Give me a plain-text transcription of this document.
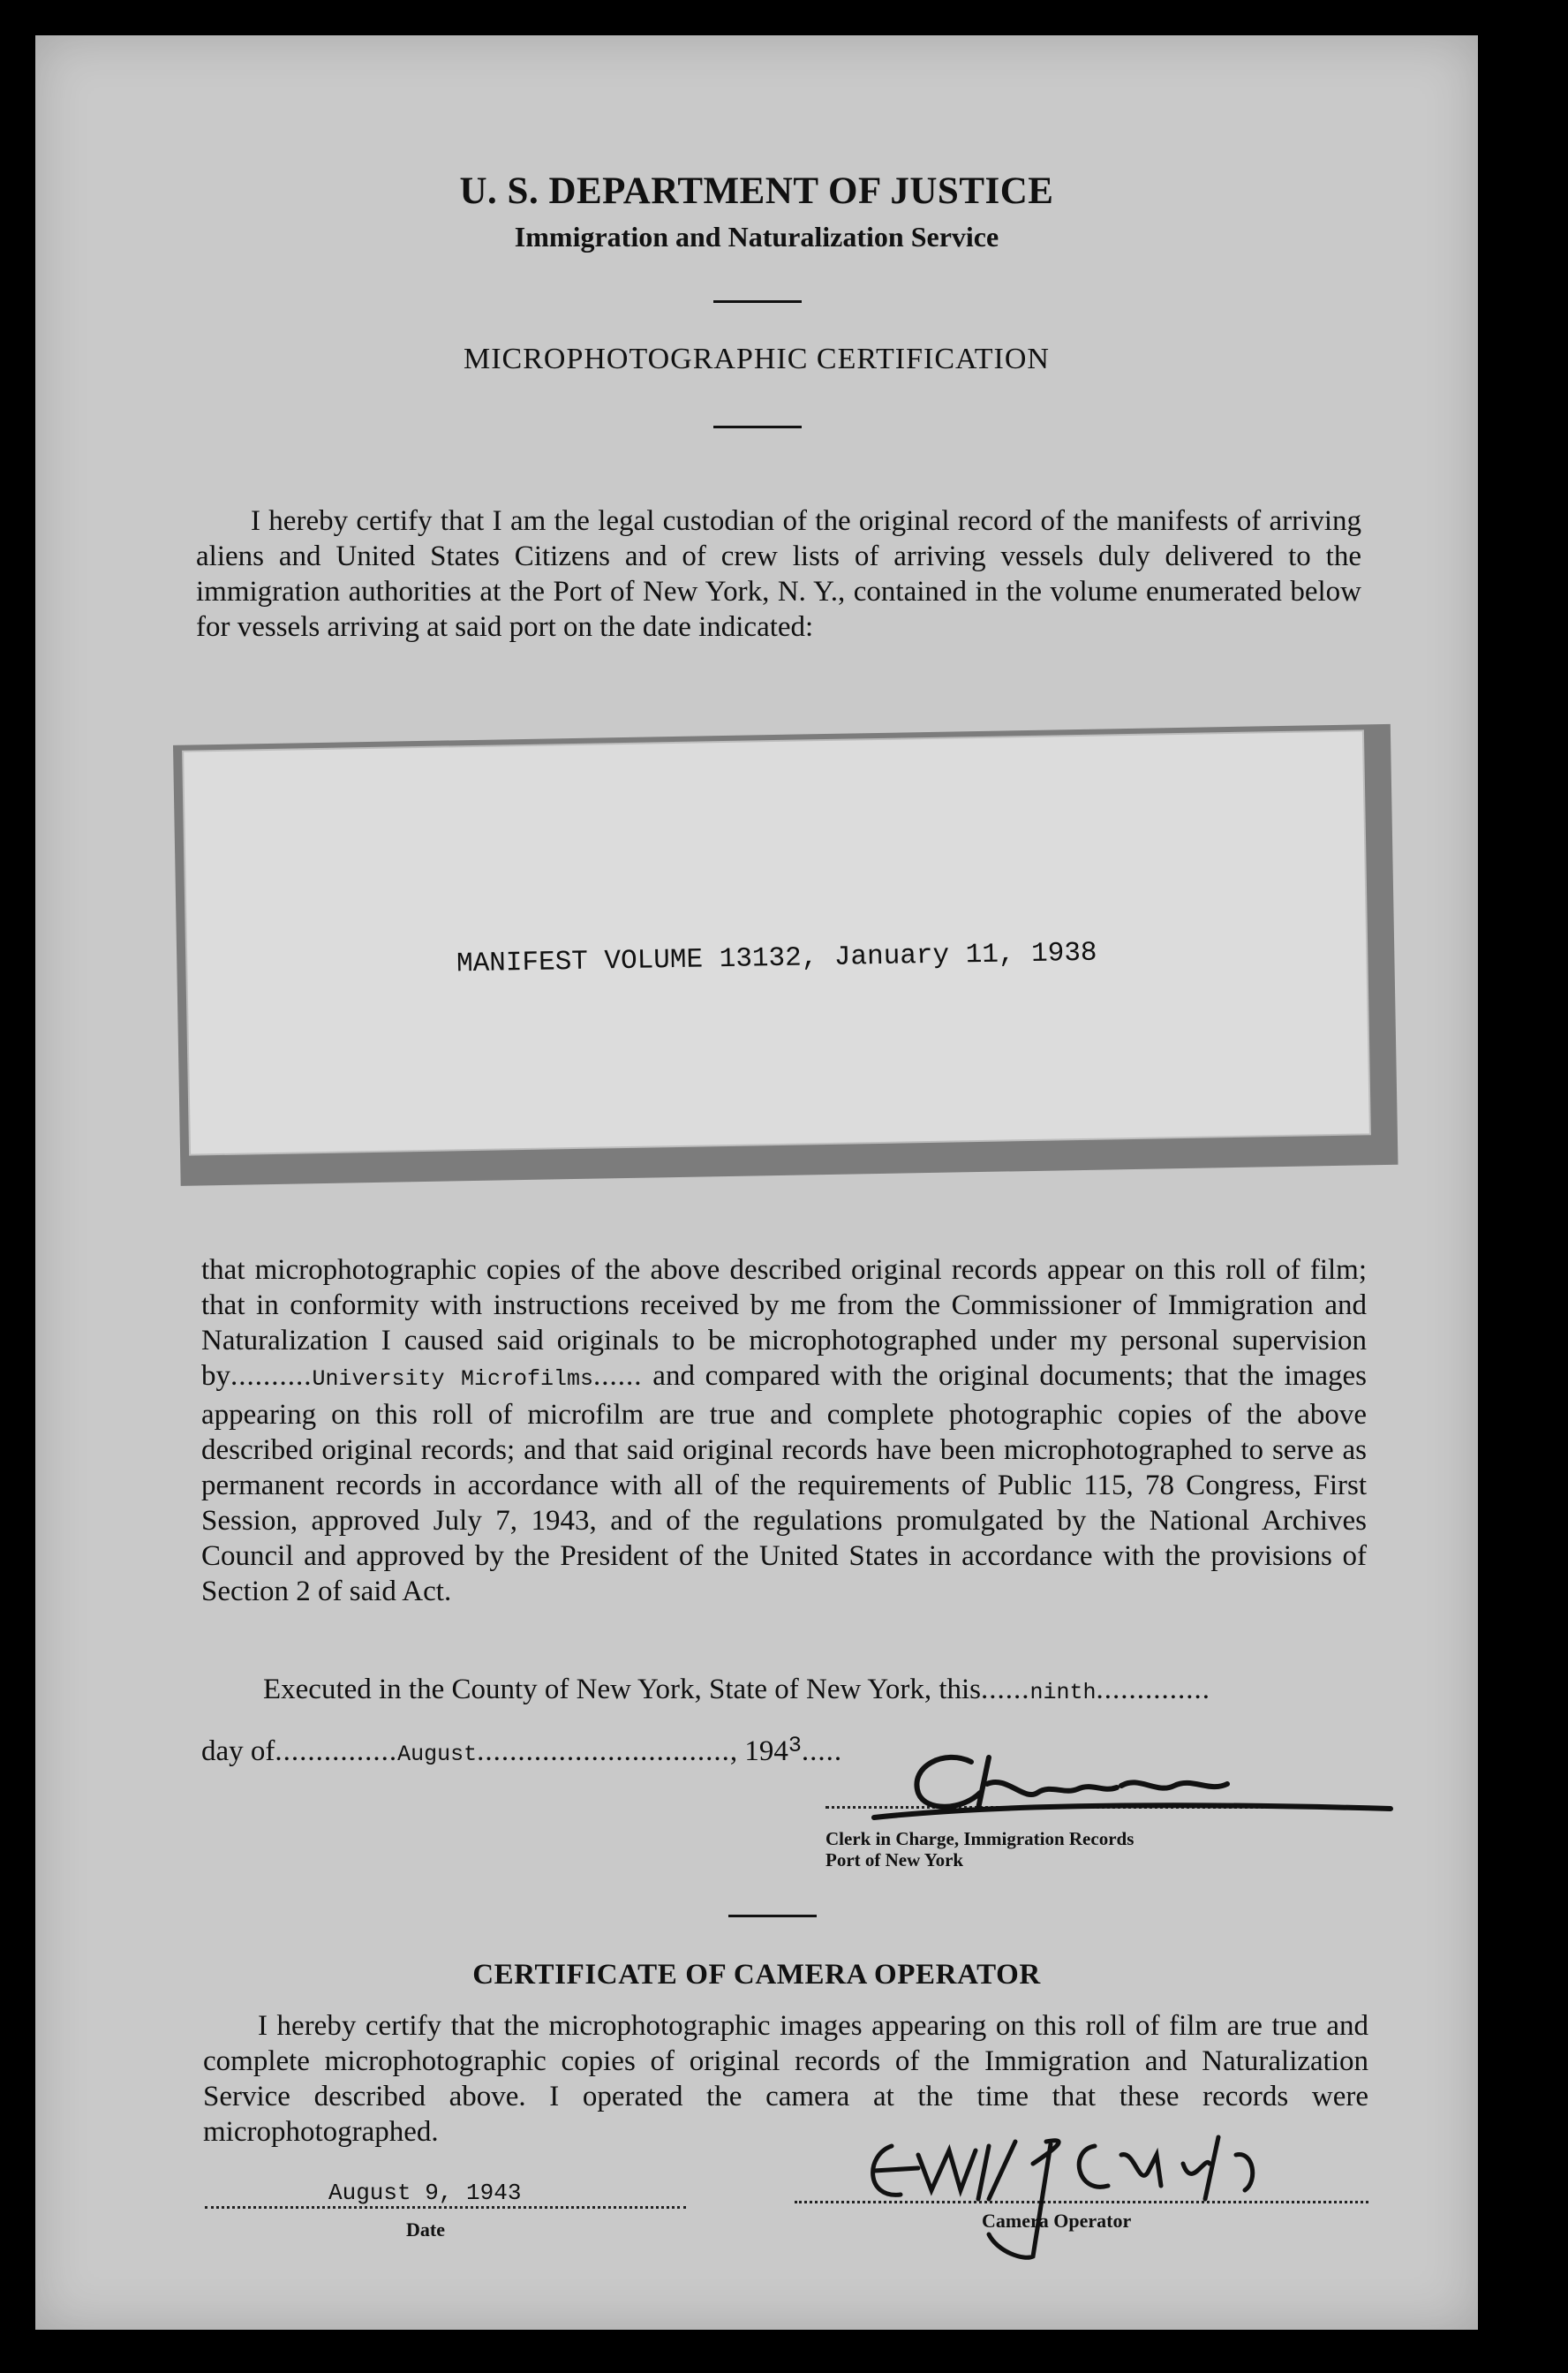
U. S. DEPARTMENT OF JUSTICE
Immigration and Naturalization Service
MICROPHOTOGRAPHIC CERTIFICATION
I hereby certify that I am the legal custodian of the original record of the manifests of arriving aliens and United States Citizens and of crew lists of arriving vessels duly delivered to the immigration authorities at the Port of New York, N. Y., contained in the volume enumerated below for vessels arriving at said port on the date indicated:
MANIFEST VOLUME 13132, January 11, 1938
that microphotographic copies of the above described original records appear on this roll of film; that in conformity with instructions received by me from the Commissioner of Immigration and Naturalization I caused said originals to be microphotographed under my personal supervision by..........University Microfilms...... and compared with the original documents; that the images appearing on this roll of microfilm are true and complete photographic copies of the above described original records; and that said original records have been microphotographed to serve as permanent records in accordance with all of the requirements of Public 115, 78 Congress, First Session, approved July 7, 1943, and of the regulations promulgated by the National Archives Council and approved by the President of the United States in accordance with the provisions of Section 2 of said Act.
Executed in the County of New York, State of New York, this......ninth..............
day of...............August..............................., $194^3$.....
Clerk in Charge, Immigration Records
Port of New York
CERTIFICATE OF CAMERA OPERATOR
I hereby certify that the microphotographic images appearing on this roll of film are true and complete microphotographic copies of original records of the Immigration and Naturalization Service described above. I operated the camera at the time that these records were microphotographed.
August 9, 1943
Date	Camera Operator
